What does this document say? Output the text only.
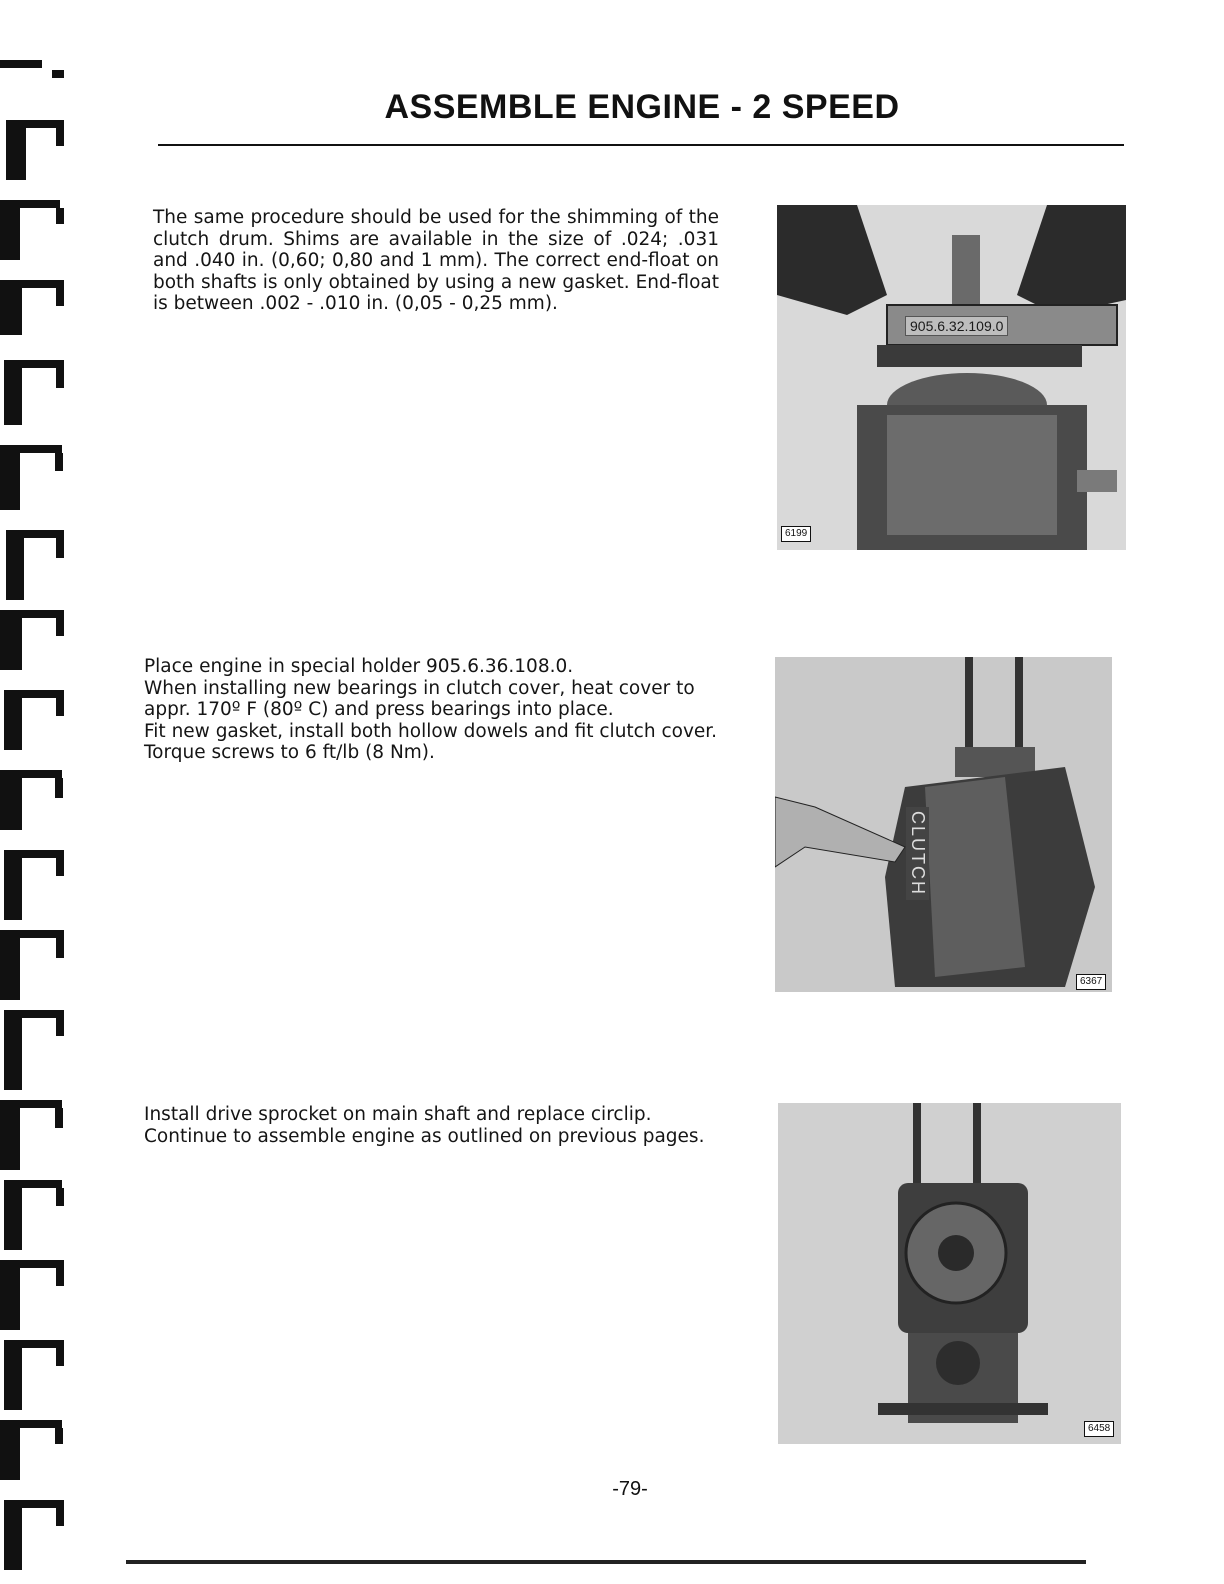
ASSEMBLE ENGINE - 2 SPEED

The same procedure should be used for the shimming of the clutch drum. Shims are available in the size of .024; .031 and .040 in. (0,60; 0,80 and 1 mm). The correct end-float on both shafts is only obtained by using a new gasket. End-float is between .002 - .010 in. (0,05 - 0,25 mm).

905.6.32.109.0
6199

Place engine in special holder 905.6.36.108.0.

When installing new bearings in clutch cover, heat cover to appr. 170º F (80º C) and press bearings into place.

Fit new gasket, install both hollow dowels and fit clutch cover.

Torque screws to 6 ft/lb (8 Nm).

CLUTCH
6367

Install drive sprocket on main shaft and replace circlip.

Continue to assemble engine as outlined on previous pages.

6458
-79-
